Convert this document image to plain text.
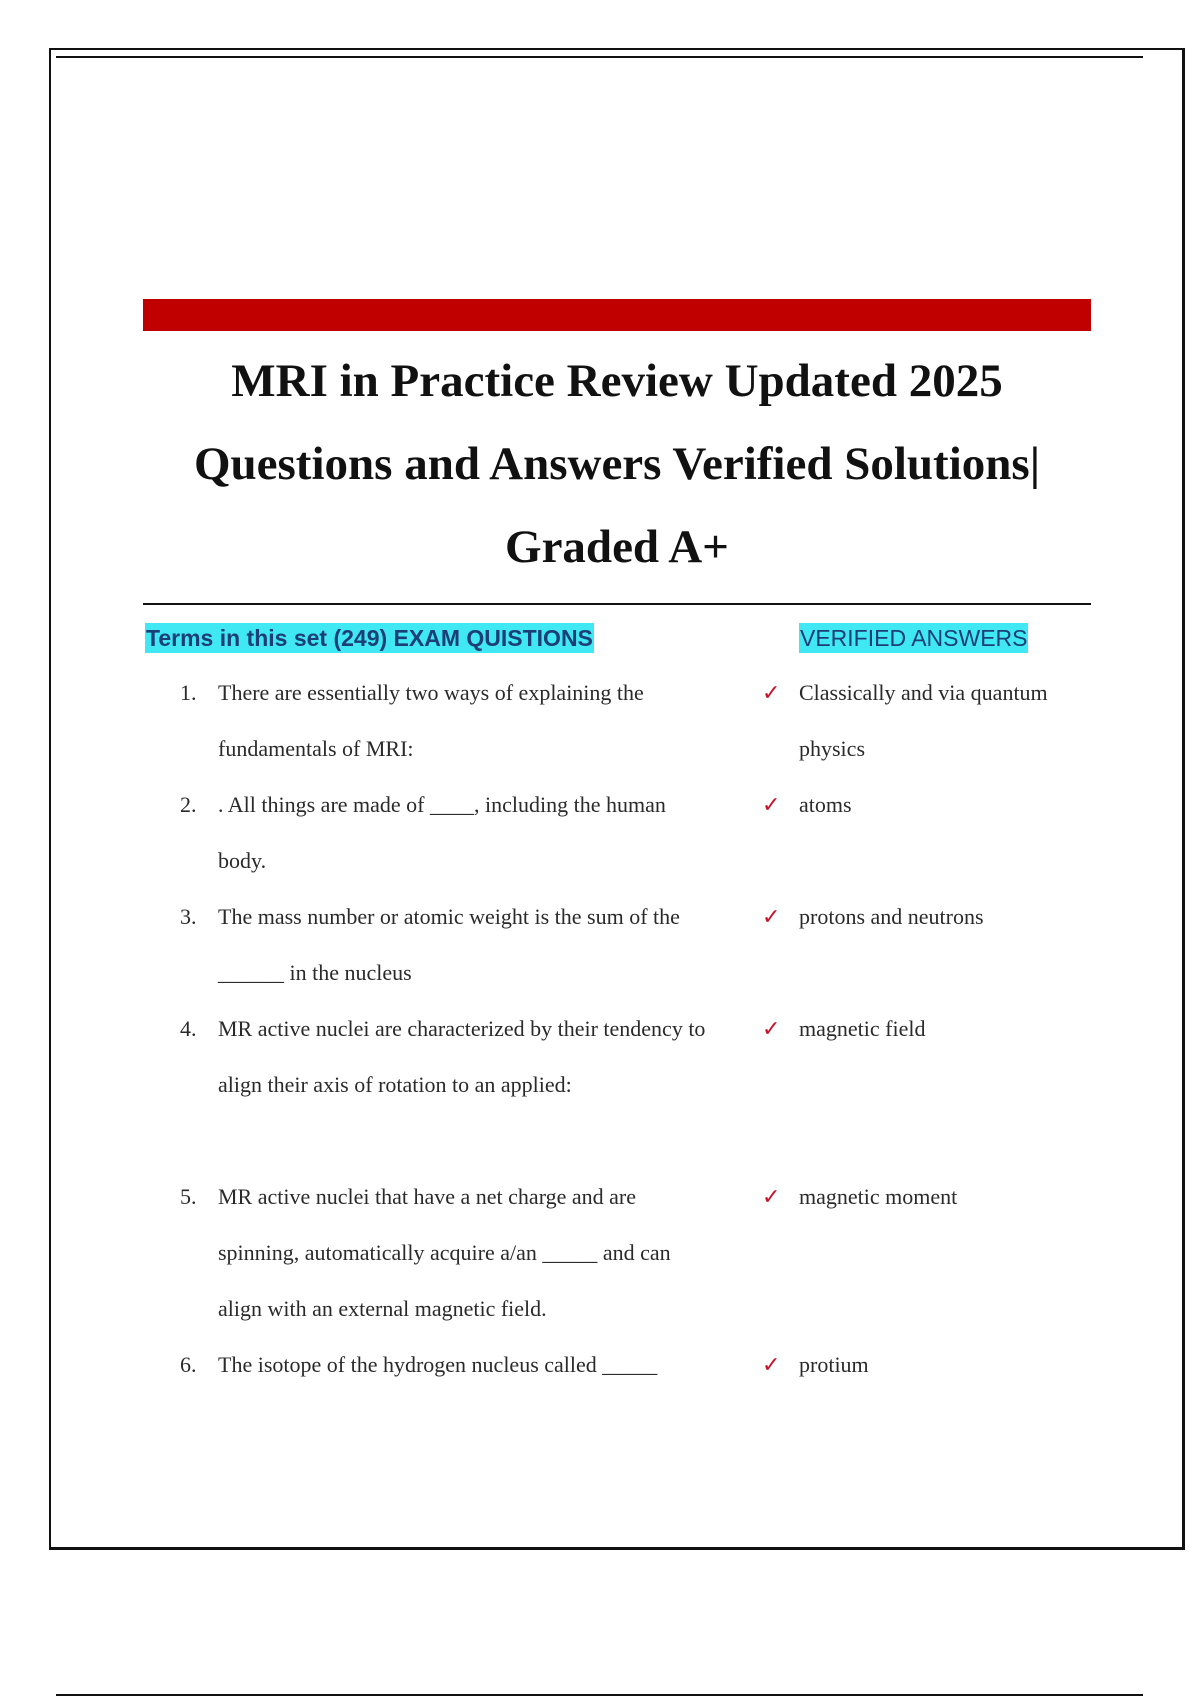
MRI in Practice Review Updated 2025
Questions and Answers Verified Solutions|
Graded A+
Terms in this set (249) EXAM QUISTIONS	VERIFIED ANSWERS
1. There are essentially two ways of explaining the fundamentals of MRI:
✓ Classically and via quantum physics
2. . All things are made of ____, including the human body.
✓ atoms
3. The mass number or atomic weight is the sum of the ______ in the nucleus
✓ protons and neutrons
4. MR active nuclei are characterized by their tendency to align their axis of rotation to an applied:
✓ magnetic field
5. MR active nuclei that have a net charge and are spinning, automatically acquire a/an _____ and can align with an external magnetic field.
✓ magnetic moment
6. The isotope of the hydrogen nucleus called _____	✓ protium
